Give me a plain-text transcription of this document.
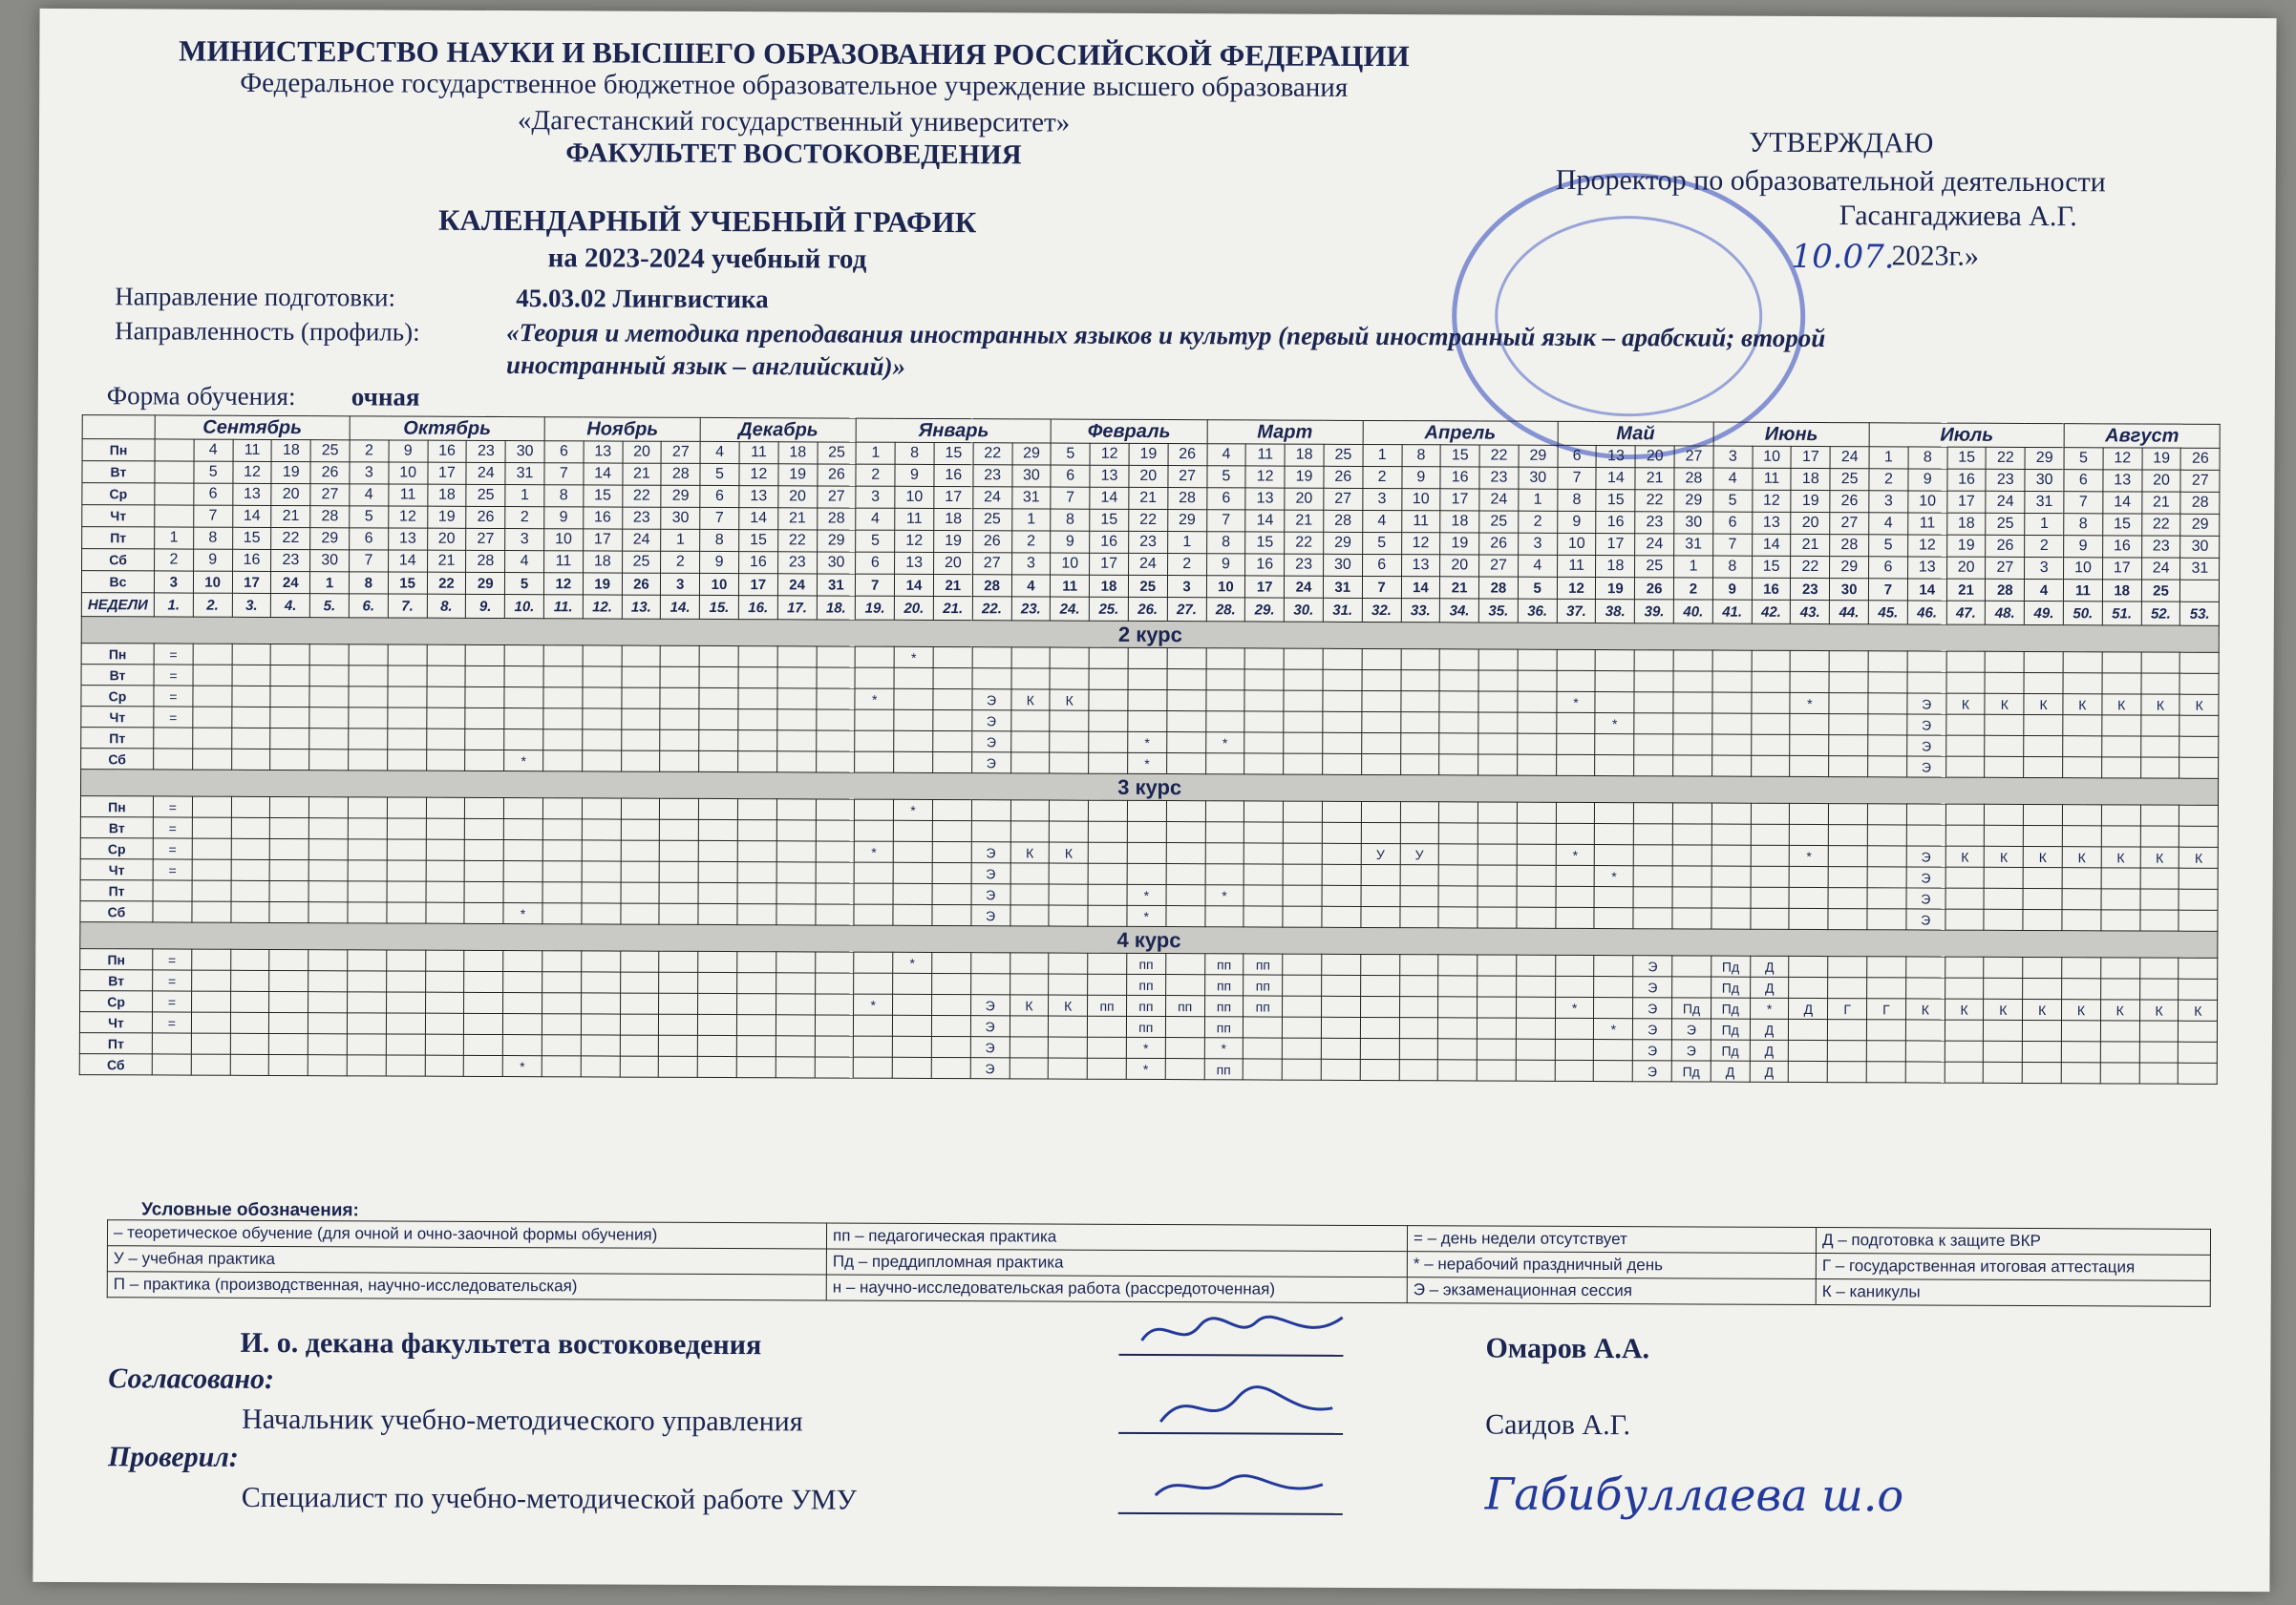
МИНИСТЕРСТВО НАУКИ И ВЫСШЕГО ОБРАЗОВАНИЯ РОССИЙСКОЙ ФЕДЕРАЦИИ
Федеральное государственное бюджетное образовательное учреждение высшего образования
«Дагестанский государственный университет»
ФАКУЛЬТЕТ ВОСТОКОВЕДЕНИЯ
КАЛЕНДАРНЫЙ УЧЕБНЫЙ ГРАФИК
на 2023-2024 учебный год
УТВЕРЖДАЮ
Проректор по образовательной деятельности
Гасангаджиева А.Г.
10.07.
2023г.»
Направление подготовки:	45.03.02 Лингвистика
Направленность (профиль):	«Теория и методика преподавания иностранных языков и культур (первый иностранный язык – арабский; второй
иностранный язык – английский)»
Форма обучения: очная
	Сентябрь					Октябрь					Ноябрь				Декабрь				Январь					Февраль				Март				Апрель					Май				Июнь				Июль					Август			
Пн		4	11	18	25	2	9	16	23	30	6	13	20	27	4	11	18	25	1	8	15	22	29	5	12	19	26	4	11	18	25	1	8	15	22	29	6	13	20	27	3	10	17	24	1	8	15	22	29	5	12	19	26
Вт		5	12	19	26	3	10	17	24	31	7	14	21	28	5	12	19	26	2	9	16	23	30	6	13	20	27	5	12	19	26	2	9	16	23	30	7	14	21	28	4	11	18	25	2	9	16	23	30	6	13	20	27
Ср		6	13	20	27	4	11	18	25	1	8	15	22	29	6	13	20	27	3	10	17	24	31	7	14	21	28	6	13	20	27	3	10	17	24	1	8	15	22	29	5	12	19	26	3	10	17	24	31	7	14	21	28
Чт		7	14	21	28	5	12	19	26	2	9	16	23	30	7	14	21	28	4	11	18	25	1	8	15	22	29	7	14	21	28	4	11	18	25	2	9	16	23	30	6	13	20	27	4	11	18	25	1	8	15	22	29
Пт	1	8	15	22	29	6	13	20	27	3	10	17	24	1	8	15	22	29	5	12	19	26	2	9	16	23	1	8	15	22	29	5	12	19	26	3	10	17	24	31	7	14	21	28	5	12	19	26	2	9	16	23	30
Сб	2	9	16	23	30	7	14	21	28	4	11	18	25	2	9	16	23	30	6	13	20	27	3	10	17	24	2	9	16	23	30	6	13	20	27	4	11	18	25	1	8	15	22	29	6	13	20	27	3	10	17	24	31
Вс	3	10	17	24	1	8	15	22	29	5	12	19	26	3	10	17	24	31	7	14	21	28	4	11	18	25	3	10	17	24	31	7	14	21	28	5	12	19	26	2	9	16	23	30	7	14	21	28	4	11	18	25	
НЕДЕЛИ	1.	2.	3.	4.	5.	6.	7.	8.	9.	10.	11.	12.	13.	14.	15.	16.	17.	18.	19.	20.	21.	22.	23.	24.	25.	26.	27.	28.	29.	30.	31.	32.	33.	34.	35.	36.	37.	38.	39.	40.	41.	42.	43.	44.	45.	46.	47.	48.	49.	50.	51.	52.	53.
2 курс																																																					
Пн	=																			*																																	
Вт	=																																																				
Ср	=																		*			Э	К	К													*						*			Э	К	К	К	К	К	К	К
Чт	=																					Э																*								Э							
Пт																						Э				*		*																		Э							
Сб										*												Э				*																				Э							
3 курс																																																					
Пн	=																			*																																	
Вт	=																																																				
Ср	=																		*			Э	К	К								У	У				*						*			Э	К	К	К	К	К	К	К
Чт	=																					Э																*								Э							
Пт																						Э				*		*																		Э							
Сб										*												Э				*																				Э							
4 курс																																																					
Пн	=																			*						пп		пп	пп										Э		Пд	Д											
Вт	=																									пп		пп	пп										Э		Пд	Д											
Ср	=																		*			Э	К	К	пп	пп	пп	пп	пп								*		Э	Пд	Пд	*	Д	Г	Г	К	К	К	К	К	К	К	К
Чт	=																					Э				пп		пп										*	Э	Э	Пд	Д											
Пт																						Э				*		*											Э	Э	Пд	Д											
Сб										*												Э				*		пп											Э	Пд	Д	Д											
Условные обозначения:
– теоретическое обучение (для очной и очно-заочной формы обучения)	пп – педагогическая практика	= – день недели отсутствует	Д – подготовка к защите ВКР
У – учебная практика	Пд – преддипломная практика	* – нерабочий праздничный день	Г – государственная итоговая аттестация
П – практика (производственная, научно-исследовательская)	н – научно-исследовательская работа (рассредоточенная)	Э – экзаменационная сессия	К – каникулы
И. о. декана факультета востоковедения	Омаров А.А.
Согласовано:
Начальник учебно-методического управления	Саидов А.Г.
Проверил:
Специалист по учебно-методической работе УМУ	Габибуллаева ш.о
